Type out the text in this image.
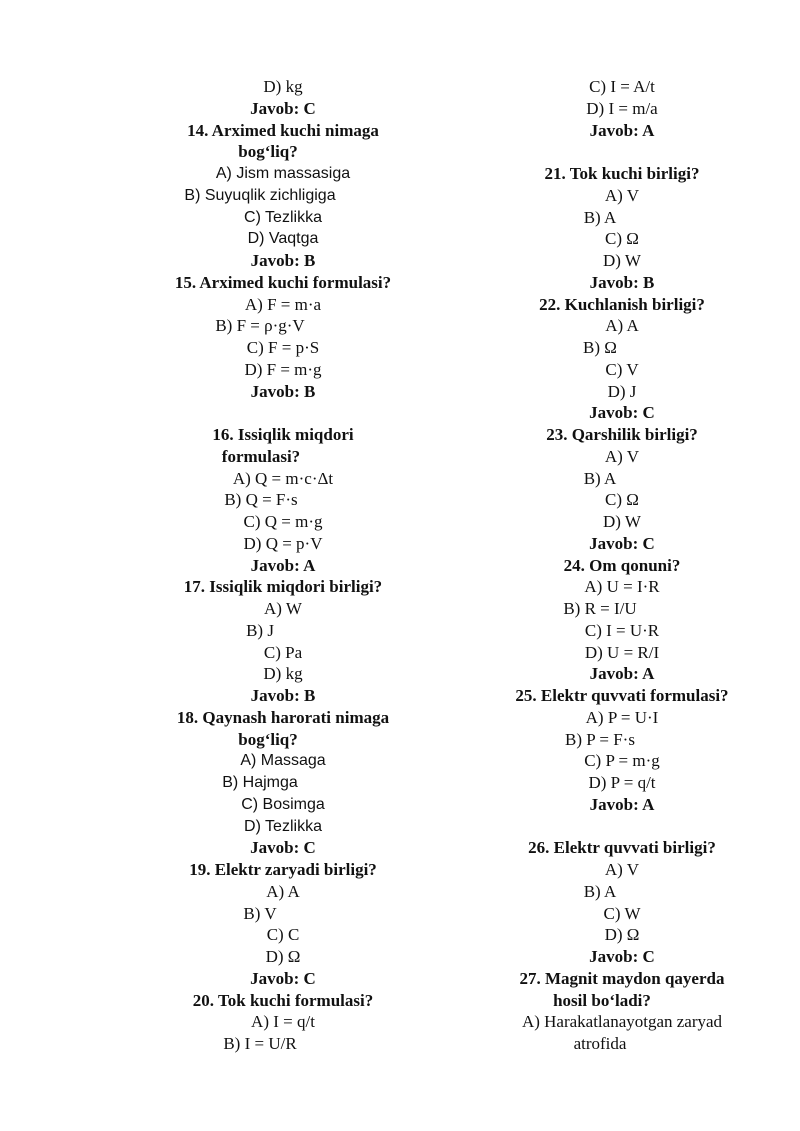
D) kg
Javob: C
14. Arximed kuchi nimaga
bog‘liq?
A) Jism massasiga
B) Suyuqlik zichligiga
C) Tezlikka
D) Vaqtga
Javob: B
15. Arximed kuchi formulasi?
A) F = m·a
B) F = ρ·g·V
C) F = p·S
D) F = m·g
Javob: B
16. Issiqlik miqdori
formulasi?
A) Q = m·c·Δt
B) Q = F·s
C) Q = m·g
D) Q = p·V
Javob: A
17. Issiqlik miqdori birligi?
A) W
B) J
C) Pa
D) kg
Javob: B
18. Qaynash harorati nimaga
bog‘liq?
A) Massaga
B) Hajmga
C) Bosimga
D) Tezlikka
Javob: C
19. Elektr zaryadi birligi?
A) A
B) V
C) C
D) Ω
Javob: C
20. Tok kuchi formulasi?
A) I = q/t
B) I = U/R
C) I = A/t
D) I = m/a
Javob: A
21. Tok kuchi birligi?
A) V
B) A
C) Ω
D) W
Javob: B
22. Kuchlanish birligi?
A) A
B) Ω
C) V
D) J
Javob: C
23. Qarshilik birligi?
A) V
B) A
C) Ω
D) W
Javob: C
24. Om qonuni?
A) U = I·R
B) R = I/U
C) I = U·R
D) U = R/I
Javob: A
25. Elektr quvvati formulasi?
A) P = U·I
B) P = F·s
C) P = m·g
D) P = q/t
Javob: A
26. Elektr quvvati birligi?
A) V
B) A
C) W
D) Ω
Javob: C
27. Magnit maydon qayerda
hosil bo‘ladi?
A) Harakatlanayotgan zaryad
atrofida
